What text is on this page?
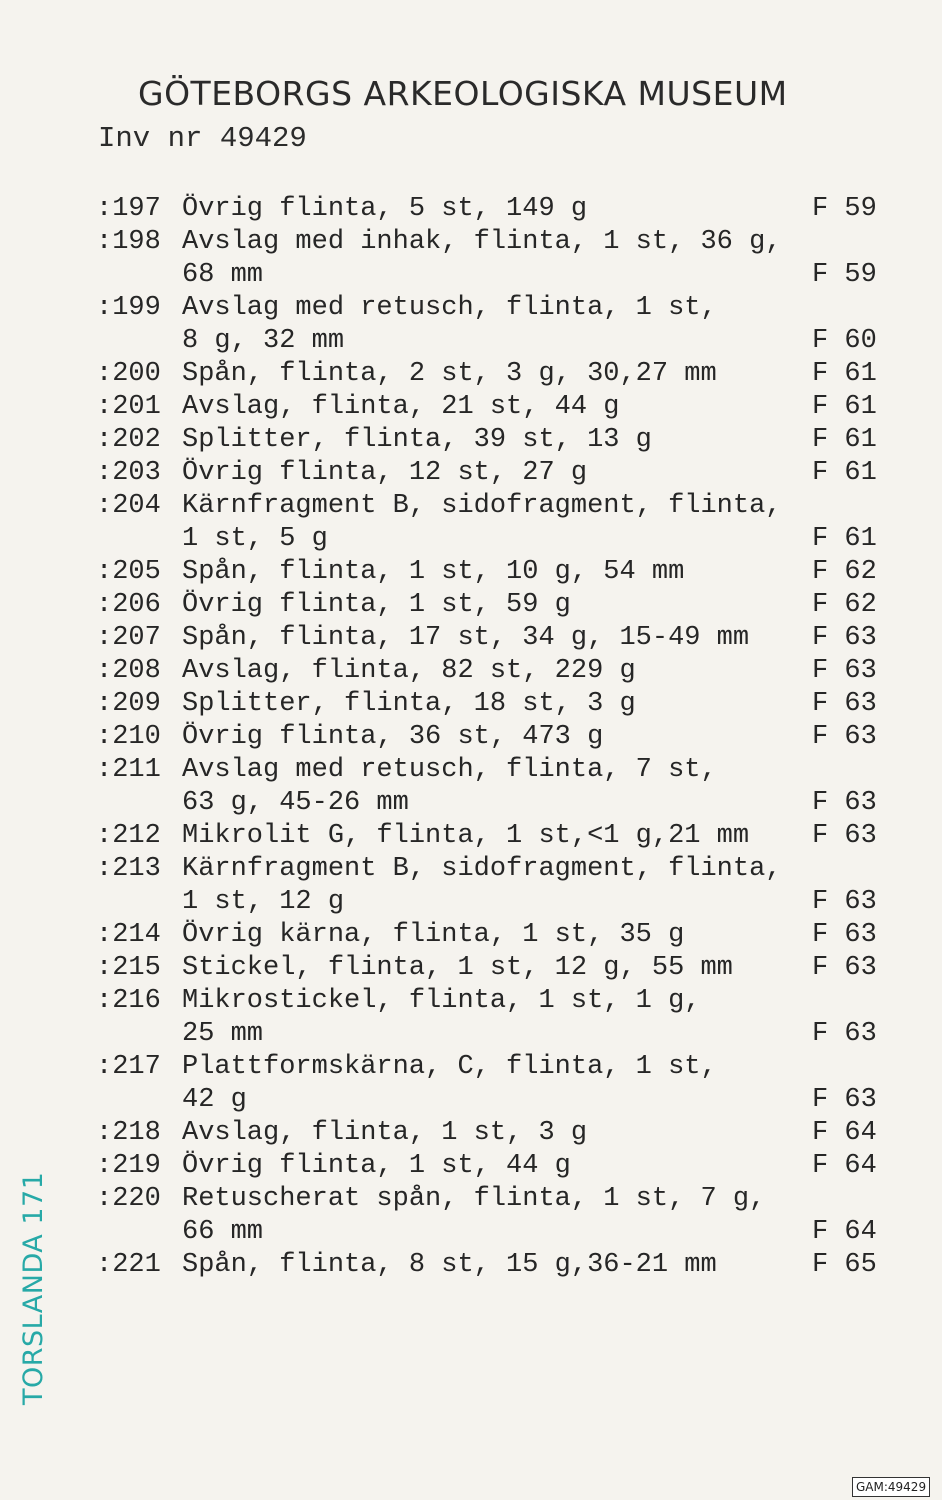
GÖTEBORGS ARKEOLOGISKA MUSEUM
Inv nr 49429
:197 Övrig flinta, 5 st, 149 g	F 59
:198 Avslag med inhak, flinta, 1 st, 36 g,
68 mm	F 59
:199 Avslag med retusch, flinta, 1 st,
8 g, 32 mm	F 60
:200 Spån, flinta, 2 st, 3 g, 30,27 mm	F 61
:201 Avslag, flinta, 21 st, 44 g	F 61
:202 Splitter, flinta, 39 st, 13 g	F 61
:203 Övrig flinta, 12 st, 27 g	F 61
:204 Kärnfragment B, sidofragment, flinta,
1 st, 5 g	F 61
:205 Spån, flinta, 1 st, 10 g, 54 mm	F 62
:206 Övrig flinta, 1 st, 59 g	F 62
:207 Spån, flinta, 17 st, 34 g, 15-49 mm F 63
:208 Avslag, flinta, 82 st, 229 g	F 63
:209 Splitter, flinta, 18 st, 3 g	F 63
:210 Övrig flinta, 36 st, 473 g	F 63
:211 Avslag med retusch, flinta, 7 st,
63 g, 45-26 mm	F 63
:212 Mikrolit G, flinta, 1 st,<1 g,21 mm F 63
:213 Kärnfragment B, sidofragment, flinta,
1 st, 12 g	F 63
:214 Övrig kärna, flinta, 1 st, 35 g	F 63
:215 Stickel, flinta, 1 st, 12 g, 55 mm	F 63
:216 Mikrostickel, flinta, 1 st, 1 g,
25 mm	F 63
:217 Plattformskärna, C, flinta, 1 st,
42 g	F 63
:218 Avslag, flinta, 1 st, 3 g	F 64
:219 Övrig flinta, 1 st, 44 g	F 64
:220 Retuscherat spån, flinta, 1 st, 7 g,
66 mm	F 64
:221 Spån, flinta, 8 st, 15 g,36-21 mm	F 65
TORSLANDA 171
GAM:49429
